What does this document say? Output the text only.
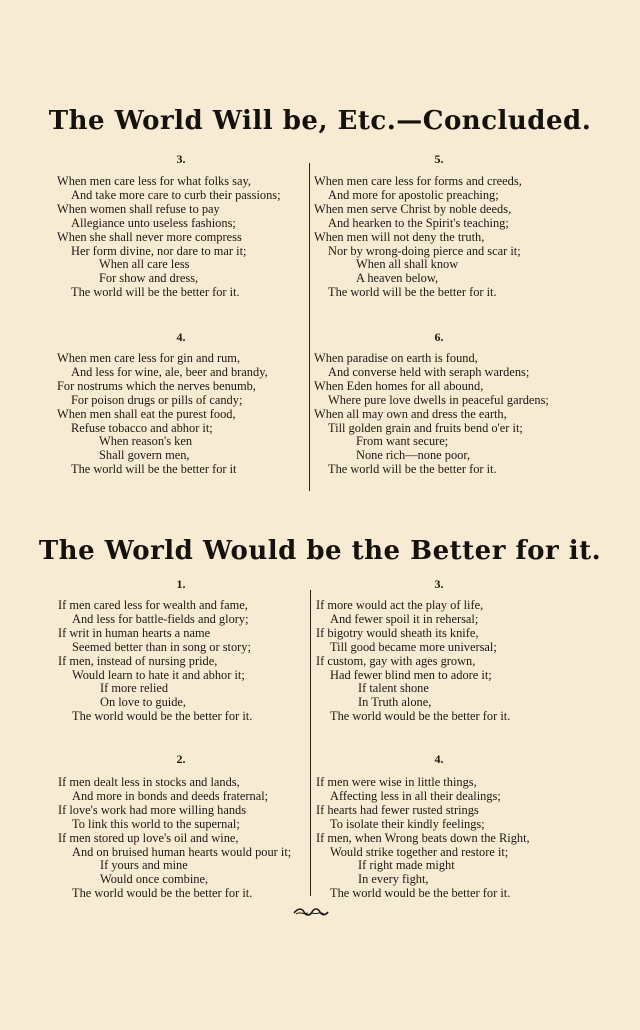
The World Will be, Etc.—Concluded.
3.
When men care less for what folks say,
And take more care to curb their passions;
When women shall refuse to pay
Allegiance unto useless fashions;
When she shall never more compress
Her form divine, nor dare to mar it;
When all care less
For show and dress,
The world will be the better for it.
5.
When men care less for forms and creeds,
And more for apostolic preaching;
When men serve Christ by noble deeds,
And hearken to the Spirit's teaching;
When men will not deny the truth,
Nor by wrong-doing pierce and scar it;
When all shall know
A heaven below,
The world will be the better for it.
4.
When men care less for gin and rum,
And less for wine, ale, beer and brandy,
For nostrums which the nerves benumb,
For poison drugs or pills of candy;
When men shall eat the purest food,
Refuse tobacco and abhor it;
When reason's ken
Shall govern men,
The world will be the better for it
6.
When paradise on earth is found,
And converse held with seraph wardens;
When Eden homes for all abound,
Where pure love dwells in peaceful gardens;
When all may own and dress the earth,
Till golden grain and fruits bend o'er it;
From want secure;
None rich—none poor,
The world will be the better for it.
The World Would be the Better for it.
1.
If men cared less for wealth and fame,
And less for battle-fields and glory;
If writ in human hearts a name
Seemed better than in song or story;
If men, instead of nursing pride,
Would learn to hate it and abhor it;
If more relied
On love to guide,
The world would be the better for it.
3.
If more would act the play of life,
And fewer spoil it in rehersal;
If bigotry would sheath its knife,
Till good became more universal;
If custom, gay with ages grown,
Had fewer blind men to adore it;
If talent shone
In Truth alone,
The world would be the better for it.
2.
If men dealt less in stocks and lands,
And more in bonds and deeds fraternal;
If love's work had more willing hands
To link this world to the supernal;
If men stored up love's oil and wine,
And on bruised human hearts would pour it;
If yours and mine
Would once combine,
The world would be the better for it.
4.
If men were wise in little things,
Affecting less in all their dealings;
If hearts had fewer rusted strings
To isolate their kindly feelings;
If men, when Wrong beats down the Right,
Would strike together and restore it;
If right made might
In every fight,
The world would be the better for it.
